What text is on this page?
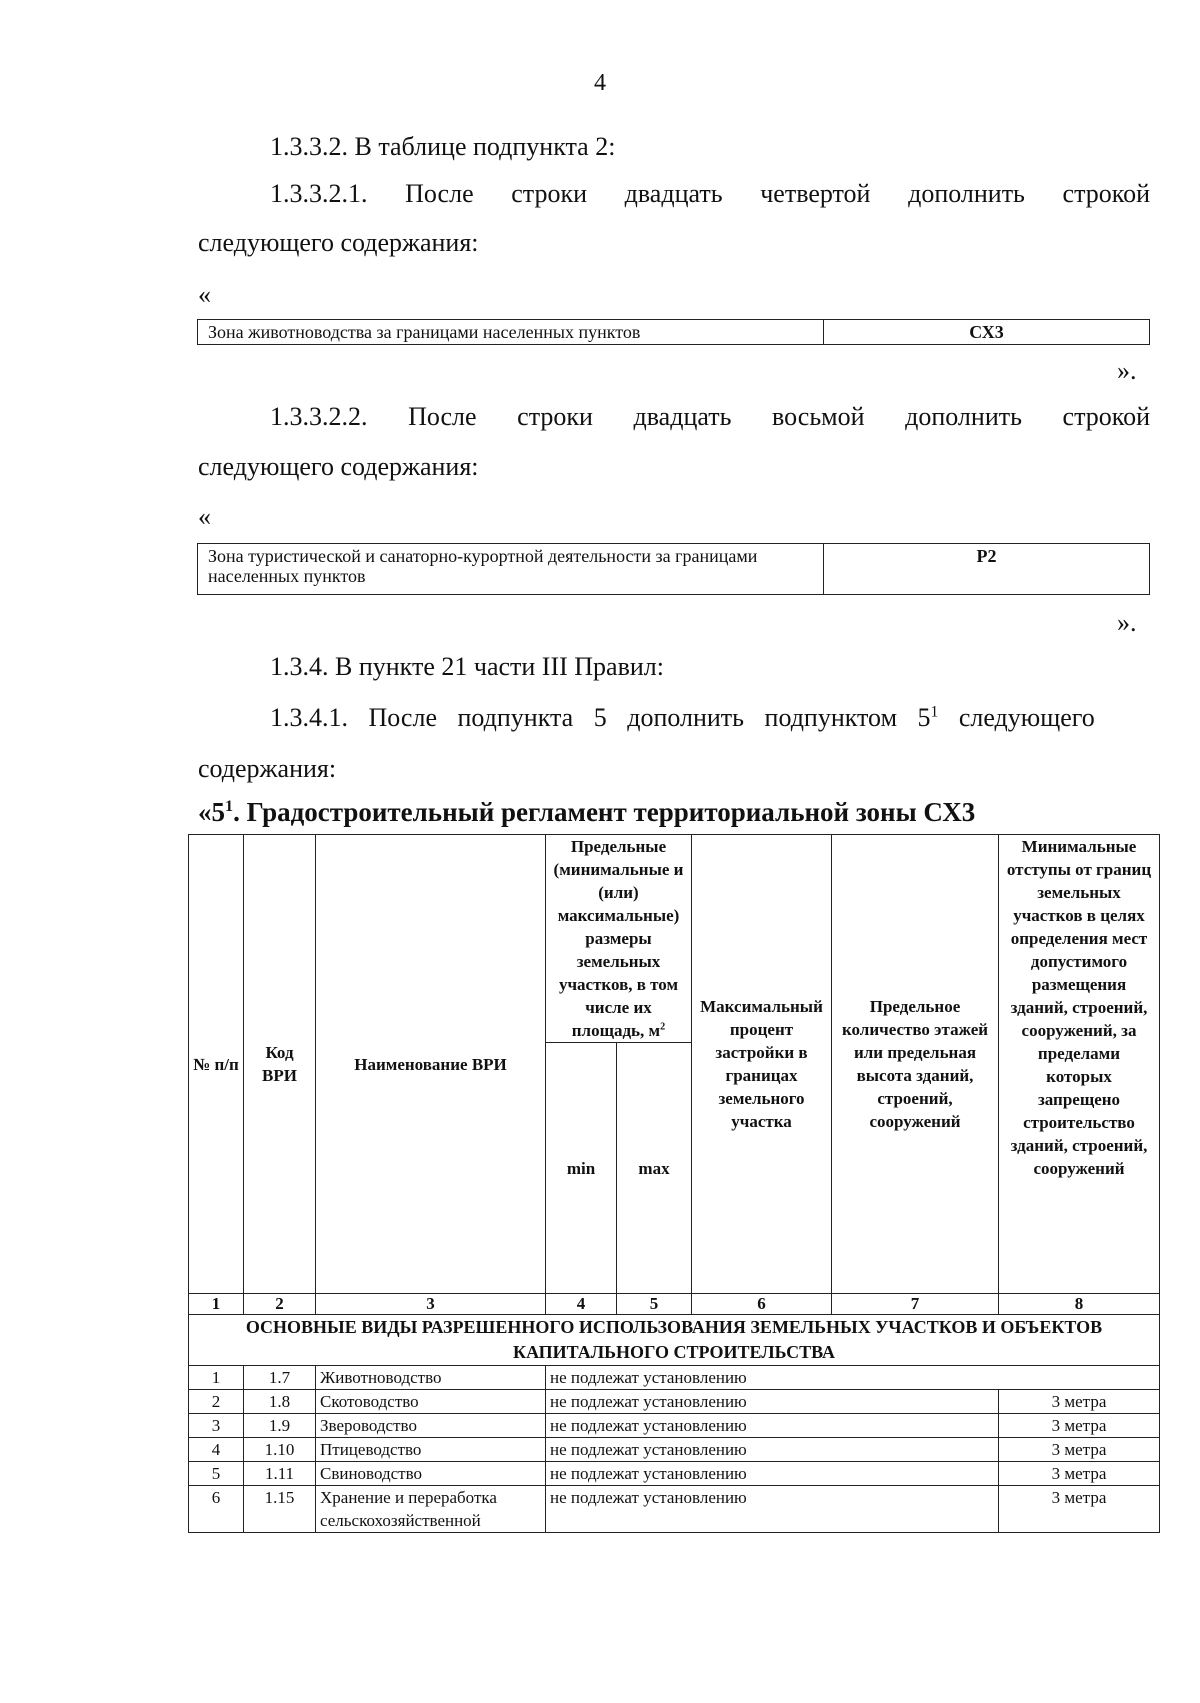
4
1.3.3.2. В таблице подпункта 2:
1.3.3.2.1. После строки двадцать четвертой дополнить строкой
следующего содержания:
«
Зона животноводства за границами населенных пунктов	СХ3
».
1.3.3.2.2. После строки двадцать восьмой дополнить строкой
следующего содержания:
«
Зона туристической и санаторно-курортной деятельности за границами населенных пунктов	Р2
».
1.3.4. В пункте 21 части III Правил:
1.3.4.1. После подпункта 5 дополнить подпунктом $5^1$ следующего
содержания:
«$5^1$. Градостроительный регламент территориальной зоны СХ3
№ п/п	Код ВРИ	Наименование ВРИ	Предельные (минимальные и (или) максимальные) размеры земельных участков, в том числе их площадь, $м^2$		Максимальный процент застройки в границах земельного участка	Предельное количество этажей или предельная высота зданий, строений, сооружений	Минимальные отступы от границ земельных участков в целях определения мест допустимого размещения зданий, строений, сооружений, за пределами которых запрещено строительство зданий, строений, сооружений
			min	max			
1	2	3	4	5	6	7	8
ОСНОВНЫЕ ВИДЫ РАЗРЕШЕННОГО ИСПОЛЬЗОВАНИЯ ЗЕМЕЛЬНЫХ УЧАСТКОВ И ОБЪЕКТОВ КАПИТАЛЬНОГО СТРОИТЕЛЬСТВА							
1	1.7	Животноводство	не подлежат установлению				
2	1.8	Скотоводство	не подлежат установлению				3 метра
3	1.9	Звероводство	не подлежат установлению				3 метра
4	1.10	Птицеводство	не подлежат установлению				3 метра
5	1.11	Свиноводство	не подлежат установлению				3 метра
6	1.15	Хранение и переработка сельскохозяйственной	не подлежат установлению				3 метра
